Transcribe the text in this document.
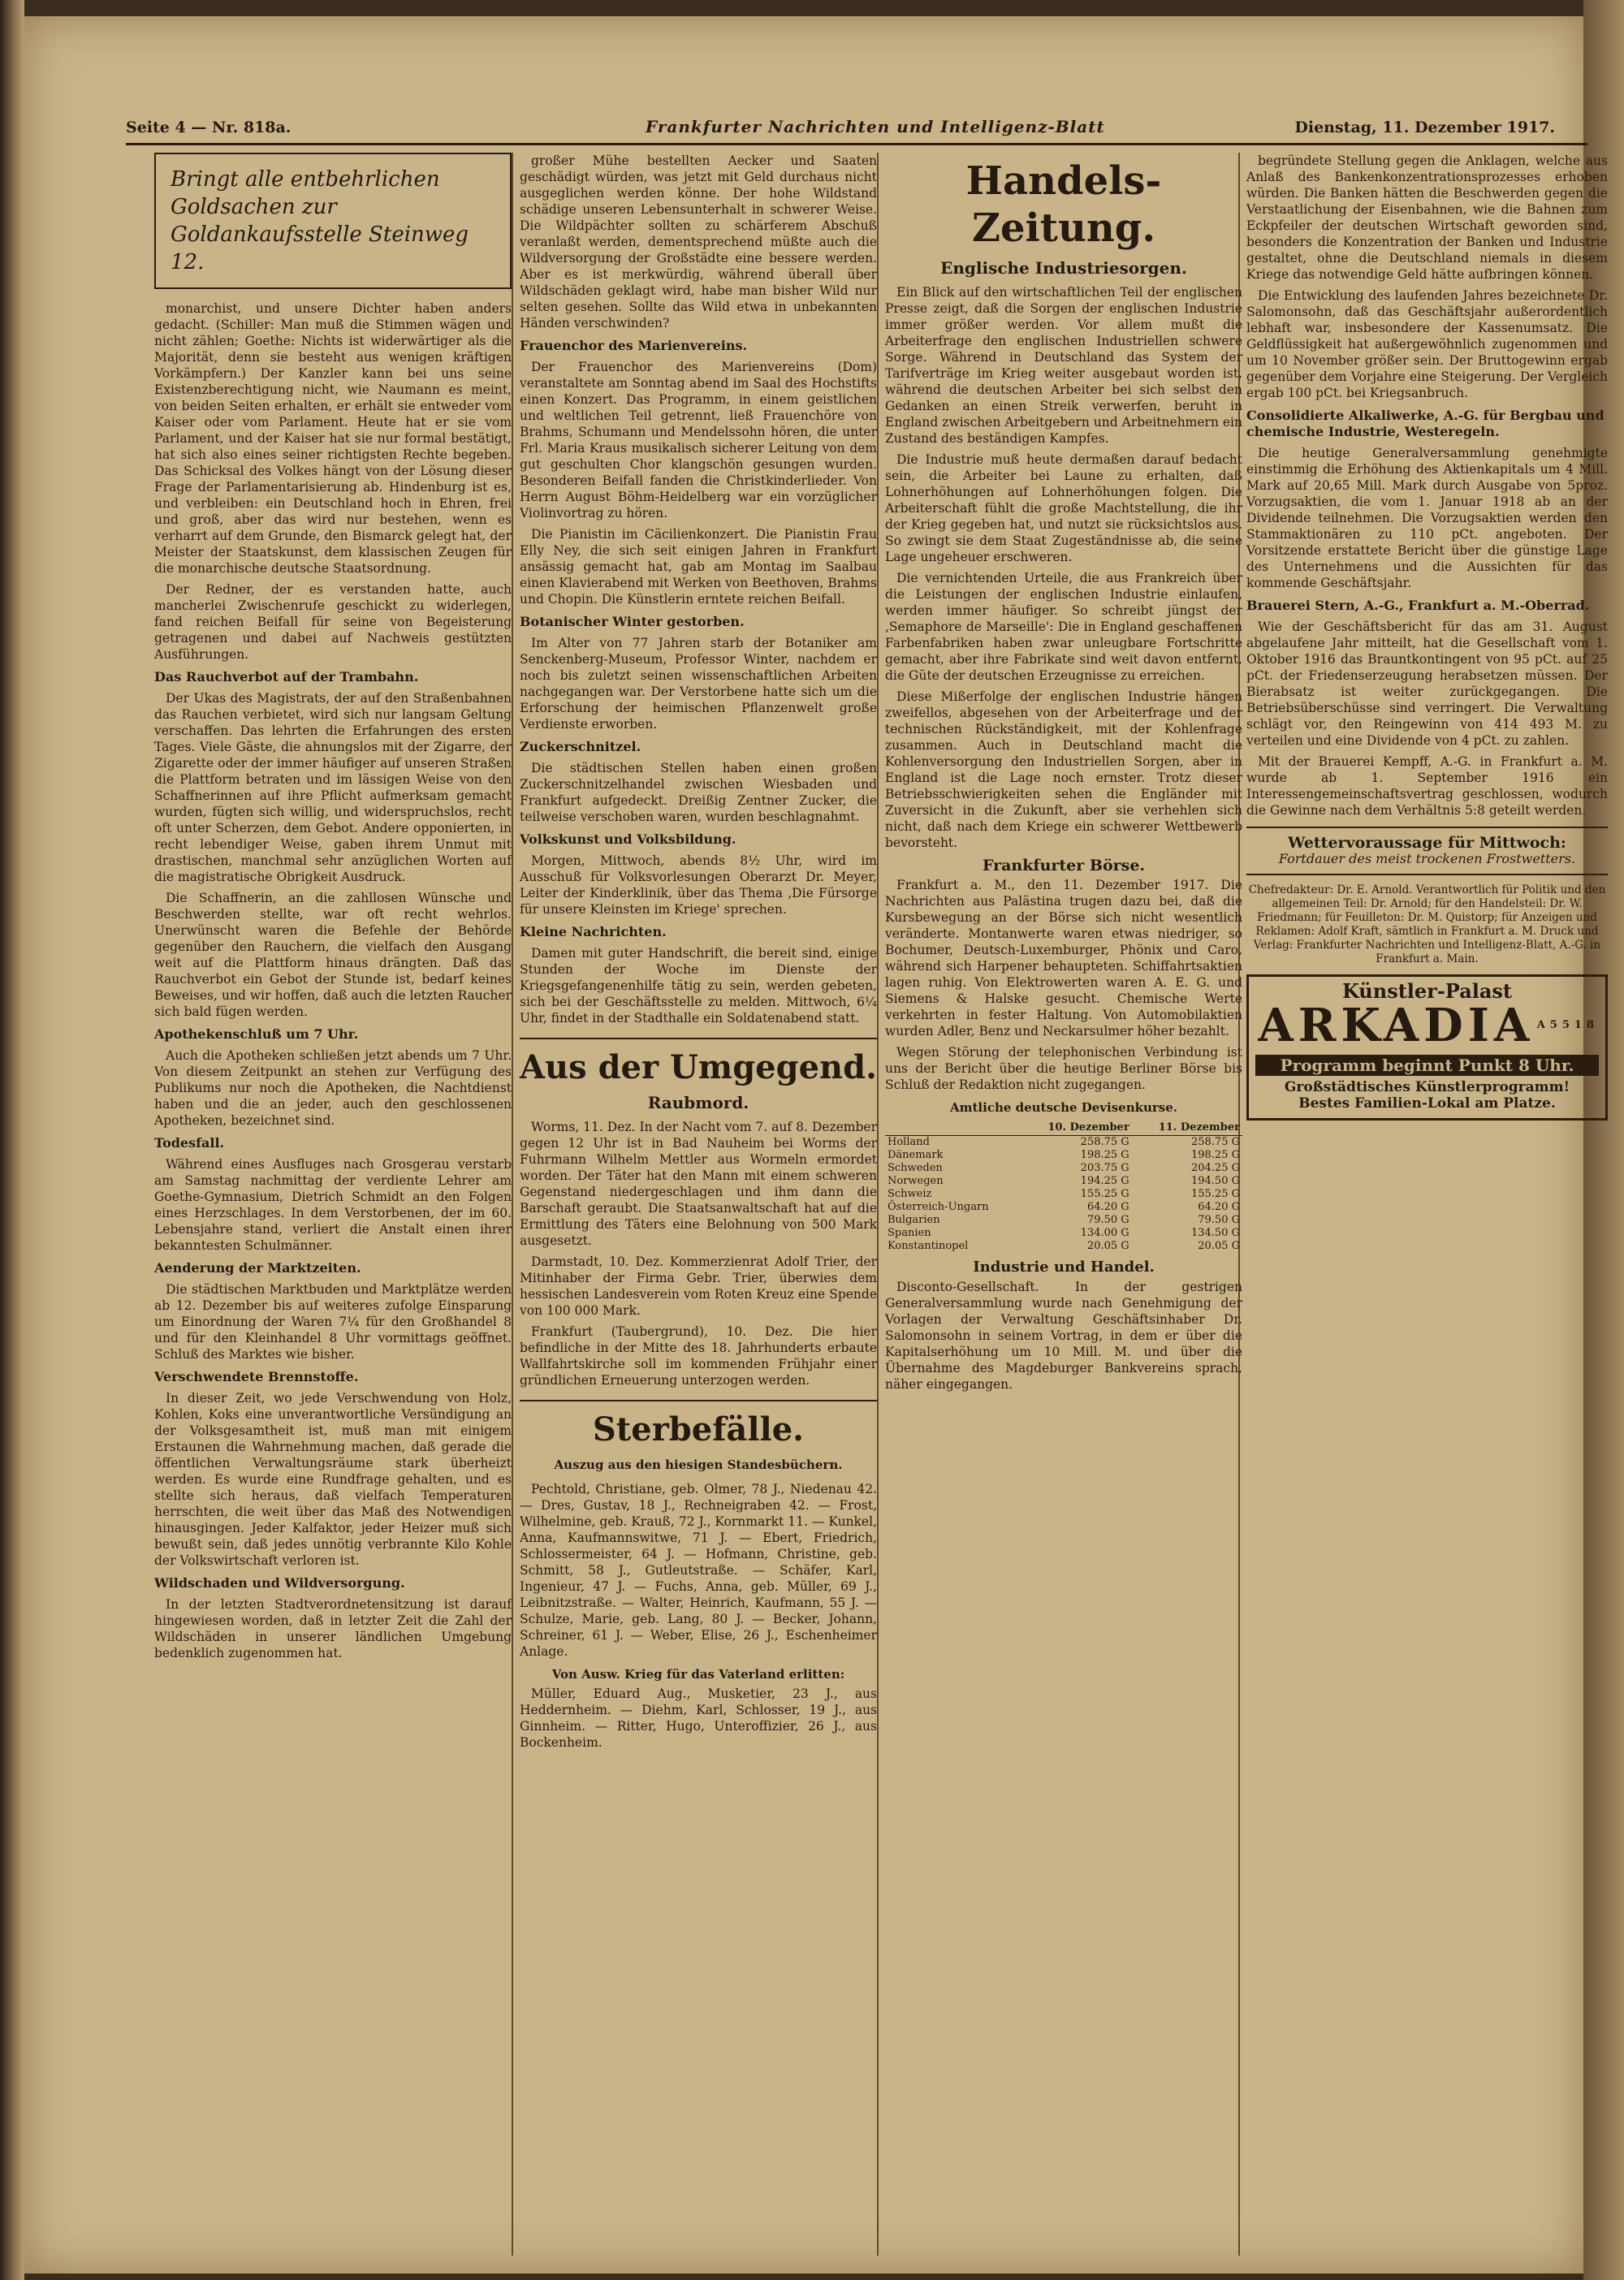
Seite 4 — Nr. 818a.	Frankfurter Nachrichten und Intelligenz-Blatt	Dienstag, 11. Dezember 1917.
Bringt alle entbehrlichen Goldsachen zur Goldankaufsstelle Steinweg 12.

monarchist, und unsere Dichter haben anders gedacht. (Schiller: Man muß die Stimmen wägen und nicht zählen; Goethe: Nichts ist widerwärtiger als die Majorität, denn sie besteht aus wenigen kräftigen Vorkämpfern.) Der Kanzler kann bei uns seine Existenzberechtigung nicht, wie Naumann es meint, von beiden Seiten erhalten, er erhält sie entweder vom Kaiser oder vom Parlament. Heute hat er sie vom Parlament, und der Kaiser hat sie nur formal bestätigt, hat sich also eines seiner richtigsten Rechte begeben. Das Schicksal des Volkes hängt von der Lösung dieser Frage der Parlamentarisierung ab. Hindenburg ist es, und verbleiben: ein Deutschland hoch in Ehren, frei und groß, aber das wird nur bestehen, wenn es verharrt auf dem Grunde, den Bismarck gelegt hat, der Meister der Staatskunst, dem klassischen Zeugen für die monarchische deutsche Staatsordnung.

Der Redner, der es verstanden hatte, auch mancherlei Zwischenrufe geschickt zu widerlegen, fand reichen Beifall für seine von Begeisterung getragenen und dabei auf Nachweis gestützten Ausführungen.

Das Rauchverbot auf der Trambahn.

Der Ukas des Magistrats, der auf den Straßenbahnen das Rauchen verbietet, wird sich nur langsam Geltung verschaffen. Das lehrten die Erfahrungen des ersten Tages. Viele Gäste, die ahnungslos mit der Zigarre, der Zigarette oder der immer häufiger auf unseren Straßen die Plattform betraten und im lässigen Weise von den Schaffnerinnen auf ihre Pflicht aufmerksam gemacht wurden, fügten sich willig, und widerspruchslos, recht oft unter Scherzen, dem Gebot. Andere opponierten, in recht lebendiger Weise, gaben ihrem Unmut mit drastischen, manchmal sehr anzüglichen Worten auf die magistratische Obrigkeit Ausdruck.

Die Schaffnerin, an die zahllosen Wünsche und Beschwerden stellte, war oft recht wehrlos. Unerwünscht waren die Befehle der Behörde gegenüber den Rauchern, die vielfach den Ausgang weit auf die Plattform hinaus drängten. Daß das Rauchverbot ein Gebot der Stunde ist, bedarf keines Beweises, und wir hoffen, daß auch die letzten Raucher sich bald fügen werden.

Apothekenschluß um 7 Uhr.

Auch die Apotheken schließen jetzt abends um 7 Uhr. Von diesem Zeitpunkt an stehen zur Verfügung des Publikums nur noch die Apotheken, die Nachtdienst haben und die an jeder, auch den geschlossenen Apotheken, bezeichnet sind.

Todesfall.

Während eines Ausfluges nach Grosgerau verstarb am Samstag nachmittag der verdiente Lehrer am Goethe-Gymnasium, Dietrich Schmidt an den Folgen eines Herzschlages. In dem Verstorbenen, der im 60. Lebensjahre stand, verliert die Anstalt einen ihrer bekanntesten Schulmänner.

Aenderung der Marktzeiten.

Die städtischen Marktbuden und Marktplätze werden ab 12. Dezember bis auf weiteres zufolge Einsparung um Einordnung der Waren 7¼ für den Großhandel 8 und für den Kleinhandel 8 Uhr vormittags geöffnet. Schluß des Marktes wie bisher.

Verschwendete Brennstoffe.

In dieser Zeit, wo jede Verschwendung von Holz, Kohlen, Koks eine unverantwortliche Versündigung an der Volksgesamtheit ist, muß man mit einigem Erstaunen die Wahrnehmung machen, daß gerade die öffentlichen Verwaltungsräume stark überheizt werden. Es wurde eine Rundfrage gehalten, und es stellte sich heraus, daß vielfach Temperaturen herrschten, die weit über das Maß des Notwendigen hinausgingen. Jeder Kalfaktor, jeder Heizer muß sich bewußt sein, daß jedes unnötig verbrannte Kilo Kohle der Volkswirtschaft verloren ist.

Wildschaden und Wildversorgung.

In der letzten Stadtverordnetensitzung ist darauf hingewiesen worden, daß in letzter Zeit die Zahl der Wildschäden in unserer ländlichen Umgebung bedenklich zugenommen hat.

großer Mühe bestellten Aecker und Saaten geschädigt würden, was jetzt mit Geld durchaus nicht ausgeglichen werden könne. Der hohe Wildstand schädige unseren Lebensunterhalt in schwerer Weise. Die Wildpächter sollten zu schärferem Abschuß veranlaßt werden, dementsprechend müßte auch die Wildversorgung der Großstädte eine bessere werden. Aber es ist merkwürdig, während überall über Wildschäden geklagt wird, habe man bisher Wild nur selten gesehen. Sollte das Wild etwa in unbekannten Händen verschwinden?

Frauenchor des Marienvereins.

Der Frauenchor des Marienvereins (Dom) veranstaltete am Sonntag abend im Saal des Hochstifts einen Konzert. Das Programm, in einem geistlichen und weltlichen Teil getrennt, ließ Frauenchöre von Brahms, Schumann und Mendelssohn hören, die unter Frl. Maria Kraus musikalisch sicherer Leitung von dem gut geschulten Chor klangschön gesungen wurden. Besonderen Beifall fanden die Christkinderlieder. Von Herrn August Böhm-Heidelberg war ein vorzüglicher Violinvortrag zu hören.

Die Pianistin im Cäcilienkonzert. Die Pianistin Frau Elly Ney, die sich seit einigen Jahren in Frankfurt ansässig gemacht hat, gab am Montag im Saalbau einen Klavierabend mit Werken von Beethoven, Brahms und Chopin. Die Künstlerin erntete reichen Beifall.

Botanischer Winter gestorben.

Im Alter von 77 Jahren starb der Botaniker am Senckenberg-Museum, Professor Winter, nachdem er noch bis zuletzt seinen wissenschaftlichen Arbeiten nachgegangen war. Der Verstorbene hatte sich um die Erforschung der heimischen Pflanzenwelt große Verdienste erworben.

Zuckerschnitzel.

Die städtischen Stellen haben einen großen Zuckerschnitzelhandel zwischen Wiesbaden und Frankfurt aufgedeckt. Dreißig Zentner Zucker, die teilweise verschoben waren, wurden beschlagnahmt.

Volkskunst und Volksbildung.

Morgen, Mittwoch, abends 8½ Uhr, wird im Ausschuß für Volksvorlesungen Oberarzt Dr. Meyer, Leiter der Kinderklinik, über das Thema ‚Die Fürsorge für unsere Kleinsten im Kriege' sprechen.

Kleine Nachrichten.

Damen mit guter Handschrift, die bereit sind, einige Stunden der Woche im Dienste der Kriegsgefangenenhilfe tätig zu sein, werden gebeten, sich bei der Geschäftsstelle zu melden. Mittwoch, 6¼ Uhr, findet in der Stadthalle ein Soldatenabend statt.

Aus der Umgegend.
Raubmord.

Worms, 11. Dez. In der Nacht vom 7. auf 8. Dezember gegen 12 Uhr ist in Bad Nauheim bei Worms der Fuhrmann Wilhelm Mettler aus Wormeln ermordet worden. Der Täter hat den Mann mit einem schweren Gegenstand niedergeschlagen und ihm dann die Barschaft geraubt. Die Staatsanwaltschaft hat auf die Ermittlung des Täters eine Belohnung von 500 Mark ausgesetzt.

Darmstadt, 10. Dez. Kommerzienrat Adolf Trier, der Mitinhaber der Firma Gebr. Trier, überwies dem hessischen Landesverein vom Roten Kreuz eine Spende von 100 000 Mark.

Frankfurt (Taubergrund), 10. Dez. Die hier befindliche in der Mitte des 18. Jahrhunderts erbaute Wallfahrtskirche soll im kommenden Frühjahr einer gründlichen Erneuerung unterzogen werden.

Sterbefälle.
Auszug aus den hiesigen Standesbüchern.

Pechtold, Christiane, geb. Olmer, 78 J., Niedenau 42. — Dres, Gustav, 18 J., Rechneigraben 42. — Frost, Wilhelmine, geb. Krauß, 72 J., Kornmarkt 11. — Kunkel, Anna, Kaufmannswitwe, 71 J. — Ebert, Friedrich, Schlossermeister, 64 J. — Hofmann, Christine, geb. Schmitt, 58 J., Gutleutstraße. — Schäfer, Karl, Ingenieur, 47 J. — Fuchs, Anna, geb. Müller, 69 J., Leibnitzstraße. — Walter, Heinrich, Kaufmann, 55 J. — Schulze, Marie, geb. Lang, 80 J. — Becker, Johann, Schreiner, 61 J. — Weber, Elise, 26 J., Eschenheimer Anlage.

Von Ausw. Krieg für das Vaterland erlitten:

Müller, Eduard Aug., Musketier, 23 J., aus Heddernheim. — Diehm, Karl, Schlosser, 19 J., aus Ginnheim. — Ritter, Hugo, Unteroffizier, 26 J., aus Bockenheim.

Handels-Zeitung.
Englische Industriesorgen.

Ein Blick auf den wirtschaftlichen Teil der englischen Presse zeigt, daß die Sorgen der englischen Industrie immer größer werden. Vor allem mußt die Arbeiterfrage den englischen Industriellen schwere Sorge. Während in Deutschland das System der Tarifverträge im Krieg weiter ausgebaut worden ist, während die deutschen Arbeiter bei sich selbst den Gedanken an einen Streik verwerfen, beruht in England zwischen Arbeitgebern und Arbeitnehmern ein Zustand des beständigen Kampfes.

Die Industrie muß heute dermaßen darauf bedacht sein, die Arbeiter bei Laune zu erhalten, daß Lohnerhöhungen auf Lohnerhöhungen folgen. Die Arbeiterschaft fühlt die große Machtstellung, die ihr der Krieg gegeben hat, und nutzt sie rücksichtslos aus. So zwingt sie dem Staat Zugeständnisse ab, die seine Lage ungeheuer erschweren.

Die vernichtenden Urteile, die aus Frankreich über die Leistungen der englischen Industrie einlaufen, werden immer häufiger. So schreibt jüngst der ‚Semaphore de Marseille': Die in England geschaffenen Farbenfabriken haben zwar unleugbare Fortschritte gemacht, aber ihre Fabrikate sind weit davon entfernt, die Güte der deutschen Erzeugnisse zu erreichen.

Diese Mißerfolge der englischen Industrie hängen zweifellos, abgesehen von der Arbeiterfrage und der technischen Rückständigkeit, mit der Kohlenfrage zusammen. Auch in Deutschland macht die Kohlenversorgung den Industriellen Sorgen, aber in England ist die Lage noch ernster. Trotz dieser Betriebsschwierigkeiten sehen die Engländer mit Zuversicht in die Zukunft, aber sie verhehlen sich nicht, daß nach dem Kriege ein schwerer Wettbewerb bevorsteht.

Frankfurter Börse.

Frankfurt a. M., den 11. Dezember 1917. Die Nachrichten aus Palästina trugen dazu bei, daß die Kursbewegung an der Börse sich nicht wesentlich veränderte. Montanwerte waren etwas niedriger, so Bochumer, Deutsch-Luxemburger, Phönix und Caro, während sich Harpener behaupteten. Schiffahrtsaktien lagen ruhig. Von Elektrowerten waren A. E. G. und Siemens & Halske gesucht. Chemische Werte verkehrten in fester Haltung. Von Automobilaktien wurden Adler, Benz und Neckarsulmer höher bezahlt.

Wegen Störung der telephonischen Verbindung ist uns der Bericht über die heutige Berliner Börse bis Schluß der Redaktion nicht zugegangen.

Amtliche deutsche Devisenkurse.
	10. Dezember	11. Dezember
Holland	258.75 G	258.75 G
Dänemark	198.25 G	198.25 G
Schweden	203.75 G	204.25 G
Norwegen	194.25 G	194.50 G
Schweiz	155.25 G	155.25 G
Österreich-Ungarn	64.20 G	64.20 G
Bulgarien	79.50 G	79.50 G
Spanien	134.00 G	134.50 G
Konstantinopel	20.05 G	20.05 G
Industrie und Handel.

Disconto-Gesellschaft. In der gestrigen Generalversammlung wurde nach Genehmigung der Vorlagen der Verwaltung Geschäftsinhaber Dr. Salomonsohn in seinem Vortrag, in dem er über die Kapitalserhöhung um 10 Mill. M. und über die Übernahme des Magdeburger Bankvereins sprach, näher eingegangen.

begründete Stellung gegen die Anklagen, welche aus Anlaß des Bankenkonzentrationsprozesses erhoben würden. Die Banken hätten die Beschwerden gegen die Verstaatlichung der Eisenbahnen, wie die Bahnen zum Eckpfeiler der deutschen Wirtschaft geworden sind, besonders die Konzentration der Banken und Industrie gestaltet, ohne die Deutschland niemals in diesem Kriege das notwendige Geld hätte aufbringen können.

Die Entwicklung des laufenden Jahres bezeichnete Dr. Salomonsohn, daß das Geschäftsjahr außerordentlich lebhaft war, insbesondere der Kassenumsatz. Die Geldflüssigkeit hat außergewöhnlich zugenommen und um 10 November größer sein. Der Bruttogewinn ergab gegenüber dem Vorjahre eine Steigerung. Der Vergleich ergab 100 pCt. bei Kriegsanbruch.

Consolidierte Alkaliwerke, A.-G. für Bergbau und chemische Industrie, Westeregeln.

Die heutige Generalversammlung genehmigte einstimmig die Erhöhung des Aktienkapitals um 4 Mill. Mark auf 20,65 Mill. Mark durch Ausgabe von 5proz. Vorzugsaktien, die vom 1. Januar 1918 ab an der Dividende teilnehmen. Die Vorzugsaktien werden den Stammaktionären zu 110 pCt. angeboten. Der Vorsitzende erstattete Bericht über die günstige Lage des Unternehmens und die Aussichten für das kommende Geschäftsjahr.

Brauerei Stern, A.-G., Frankfurt a. M.-Oberrad.

Wie der Geschäftsbericht für das am 31. August abgelaufene Jahr mitteilt, hat die Gesellschaft vom 1. Oktober 1916 das Brauntkontingent von 95 pCt. auf 25 pCt. der Friedenserzeugung herabsetzen müssen. Der Bierabsatz ist weiter zurückgegangen. Die Betriebsüberschüsse sind verringert. Die Verwaltung schlägt vor, den Reingewinn von 414 493 M. zu verteilen und eine Dividende von 4 pCt. zu zahlen.

Mit der Brauerei Kempff, A.-G. in Frankfurt a. M. wurde ab 1. September 1916 ein Interessengemeinschaftsvertrag geschlossen, wodurch die Gewinne nach dem Verhältnis 5:8 geteilt werden.

Wettervoraussage für Mittwoch:
Fortdauer des meist trockenen Frostwetters.
Chefredakteur: Dr. E. Arnold. Verantwortlich für Politik und den allgemeinen Teil: Dr. Arnold; für den Handelsteil: Dr. W. Friedmann; für Feuilleton: Dr. M. Quistorp; für Anzeigen und Reklamen: Adolf Kraft, sämtlich in Frankfurt a. M. Druck und Verlag: Frankfurter Nachrichten und Intelligenz-Blatt, A.-G. in Frankfurt a. Main.
Künstler-Palast
A5518
ARKADIA
Programm beginnt Punkt 8 Uhr.
Großstädtisches Künstlerprogramm!
Bestes Familien-Lokal am Platze.
